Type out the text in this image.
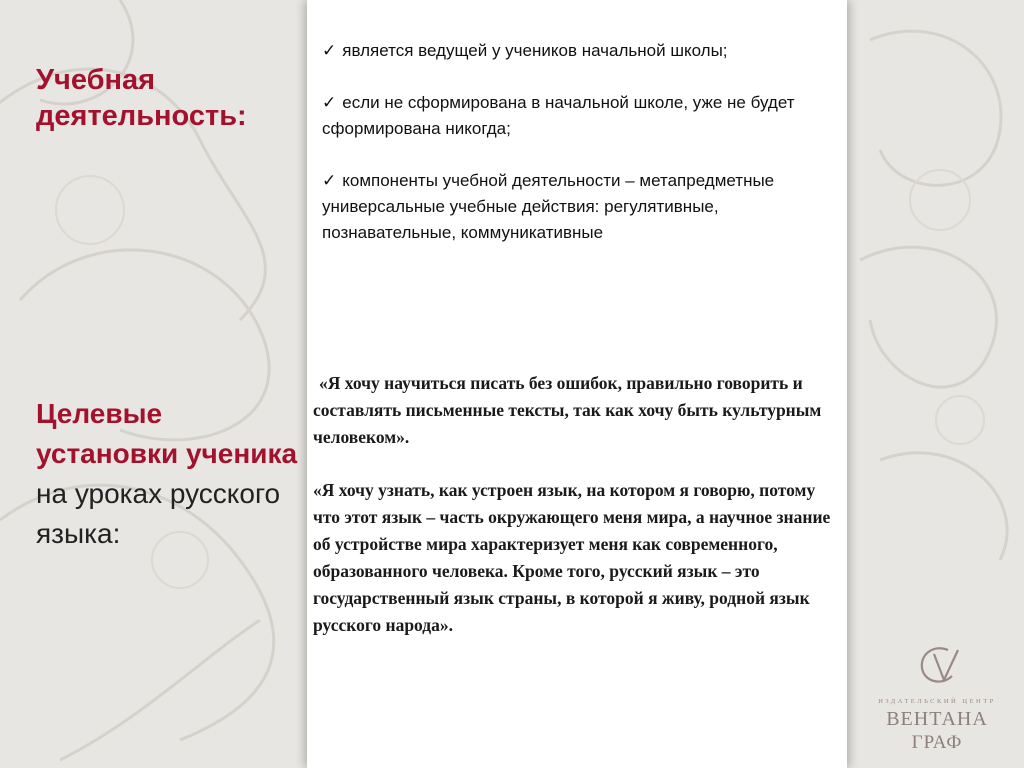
Учебная деятельность:
Целевые установки ученика на уроках русского языка:
✓ является ведущей у учеников начальной школы;
✓ если не сформирована в начальной школе, уже не будет сформирована никогда;
✓ компоненты учебной деятельности – метапредметные универсальные учебные действия: регулятивные, познавательные, коммуникативные

«Я хочу научиться писать без ошибок, правильно говорить и составлять письменные тексты, так как хочу быть культурным человеком».

«Я хочу узнать, как устроен язык, на котором я говорю, потому что этот язык – часть окружающего меня мира, а научное знание об устройстве мира характеризует меня как современного, образованного человека. Кроме того, русский язык – это государственный язык страны, в которой я живу, родной язык русского народа».

ИЗДАТЕЛЬСКИЙ ЦЕНТР
ВЕНТАНА
ГРАФ
